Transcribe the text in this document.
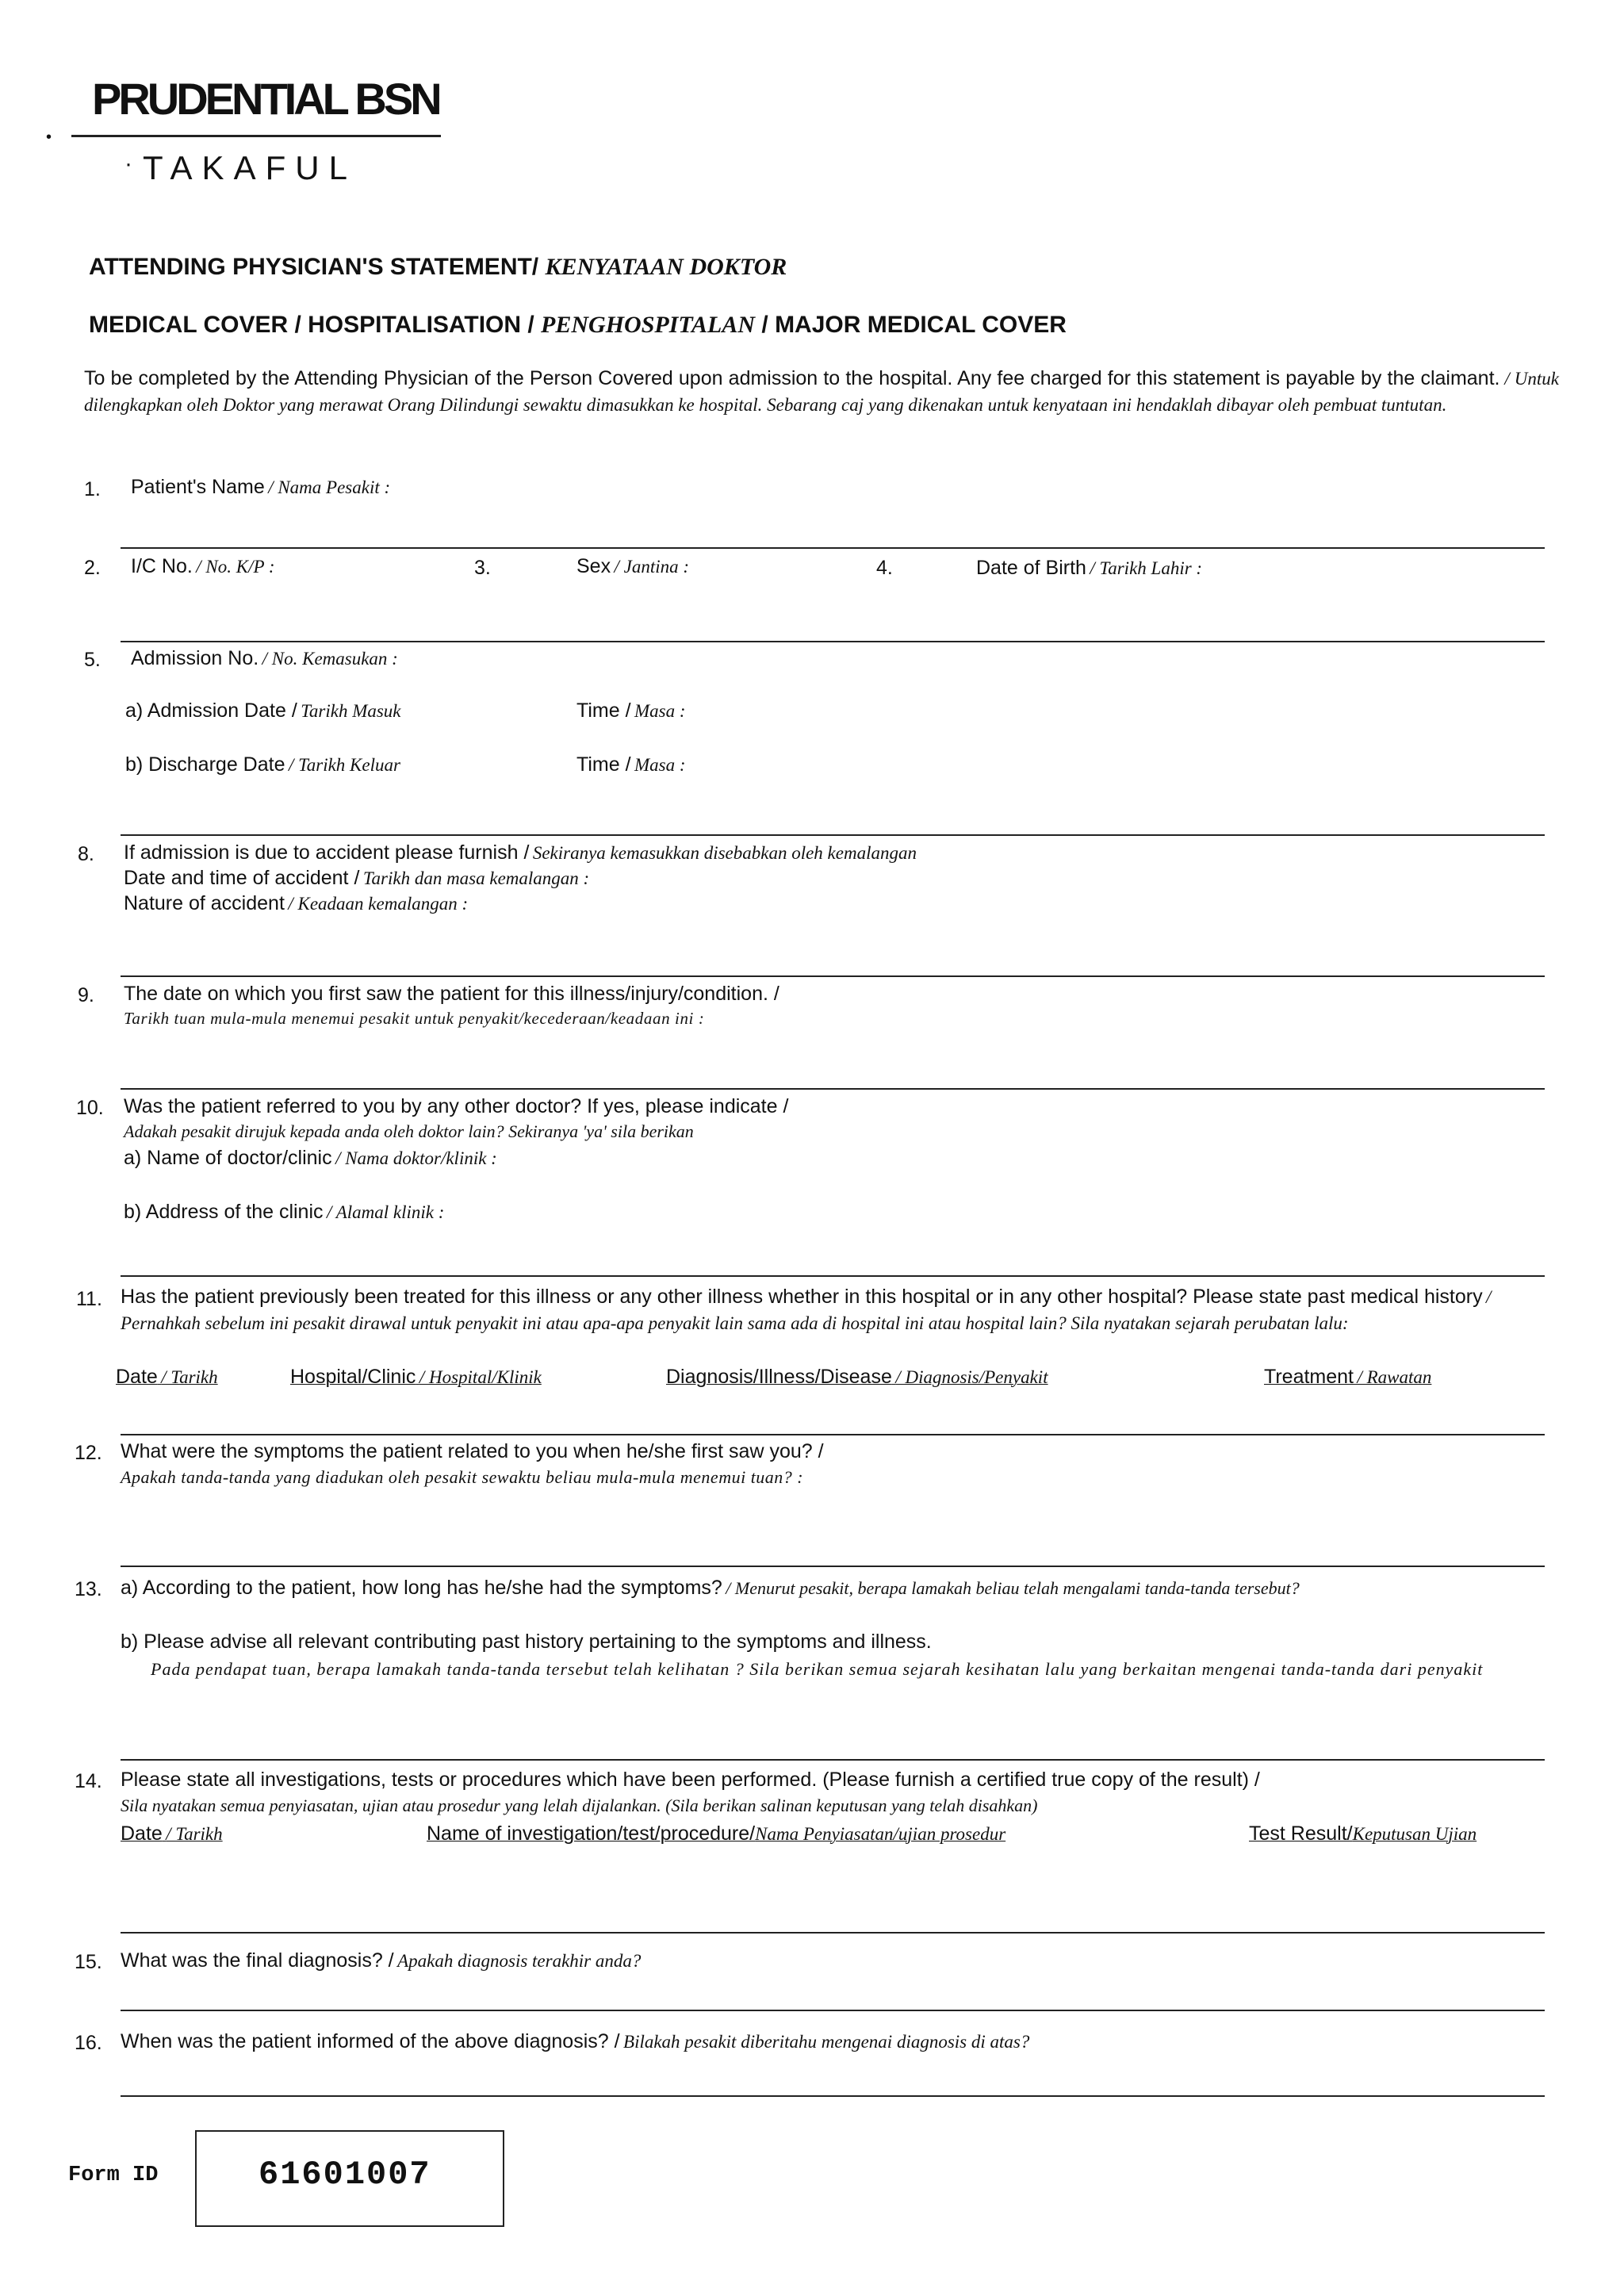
PRUDENTIAL BSN
•
· TAKAFUL
ATTENDING PHYSICIAN'S STATEMENT/ KENYATAAN DOKTOR
MEDICAL COVER / HOSPITALISATION / PENGHOSPITALAN / MAJOR MEDICAL COVER
To be completed by the Attending Physician of the Person Covered upon admission to the hospital. Any fee charged for this statement is payable by the claimant. / Untuk dilengkapkan oleh Doktor yang merawat Orang Dilindungi sewaktu dimasukkan ke hospital. Sebarang caj yang dikenakan untuk kenyataan ini hendaklah dibayar oleh pembuat tuntutan.
1. Patient's Name / Nama Pesakit :
2. I/C No. / No. K/P :	3.	Sex / Jantina :	4.	Date of Birth / Tarikh Lahir :
5. Admission No. / No. Kemasukan :
a) Admission Date / Tarikh Masuk	Time / Masa :
b) Discharge Date / Tarikh Keluar	Time / Masa :
8. If admission is due to accident please furnish / Sekiranya kemasukkan disebabkan oleh kemalangan
Date and time of accident / Tarikh dan masa kemalangan :
Nature of accident / Keadaan kemalangan :
9. The date on which you first saw the patient for this illness/injury/condition. /
Tarikh tuan mula-mula menemui pesakit untuk penyakit/kecederaan/keadaan ini :
10. Was the patient referred to you by any other doctor? If yes, please indicate /
Adakah pesakit dirujuk kepada anda oleh doktor lain? Sekiranya 'ya' sila berikan
a) Name of doctor/clinic / Nama doktor/klinik :
b) Address of the clinic / Alamal klinik :
11. Has the patient previously been treated for this illness or any other illness whether in this hospital or in any other hospital? Please state past medical history / Pernahkah sebelum ini pesakit dirawal untuk penyakit ini atau apa-apa penyakit lain sama ada di hospital ini atau hospital lain? Sila nyatakan sejarah perubatan lalu:
Date / Tarikh	Hospital/Clinic / Hospital/Klinik	Diagnosis/Illness/Disease / Diagnosis/Penyakit	Treatment / Rawatan
12. What were the symptoms the patient related to you when he/she first saw you? /
Apakah tanda-tanda yang diadukan oleh pesakit sewaktu beliau mula-mula menemui tuan? :
13. a) According to the patient, how long has he/she had the symptoms? / Menurut pesakit, berapa lamakah beliau telah mengalami tanda-tanda tersebut?
b) Please advise all relevant contributing past history pertaining to the symptoms and illness.
Pada pendapat tuan, berapa lamakah tanda-tanda tersebut telah kelihatan ? Sila berikan semua sejarah kesihatan lalu yang berkaitan mengenai tanda-tanda dari penyakit
14. Please state all investigations, tests or procedures which have been performed. (Please furnish a certified true copy of the result) /
Sila nyatakan semua penyiasatan, ujian atau prosedur yang lelah dijalankan. (Sila berikan salinan keputusan yang telah disahkan)
Date / Tarikh	Name of investigation/test/procedure/Nama Penyiasatan/ujian prosedur	Test Result/Keputusan Ujian
15. What was the final diagnosis? / Apakah diagnosis terakhir anda?
16. When was the patient informed of the above diagnosis? / Bilakah pesakit diberitahu mengenai diagnosis di atas?
Form ID	61601007
